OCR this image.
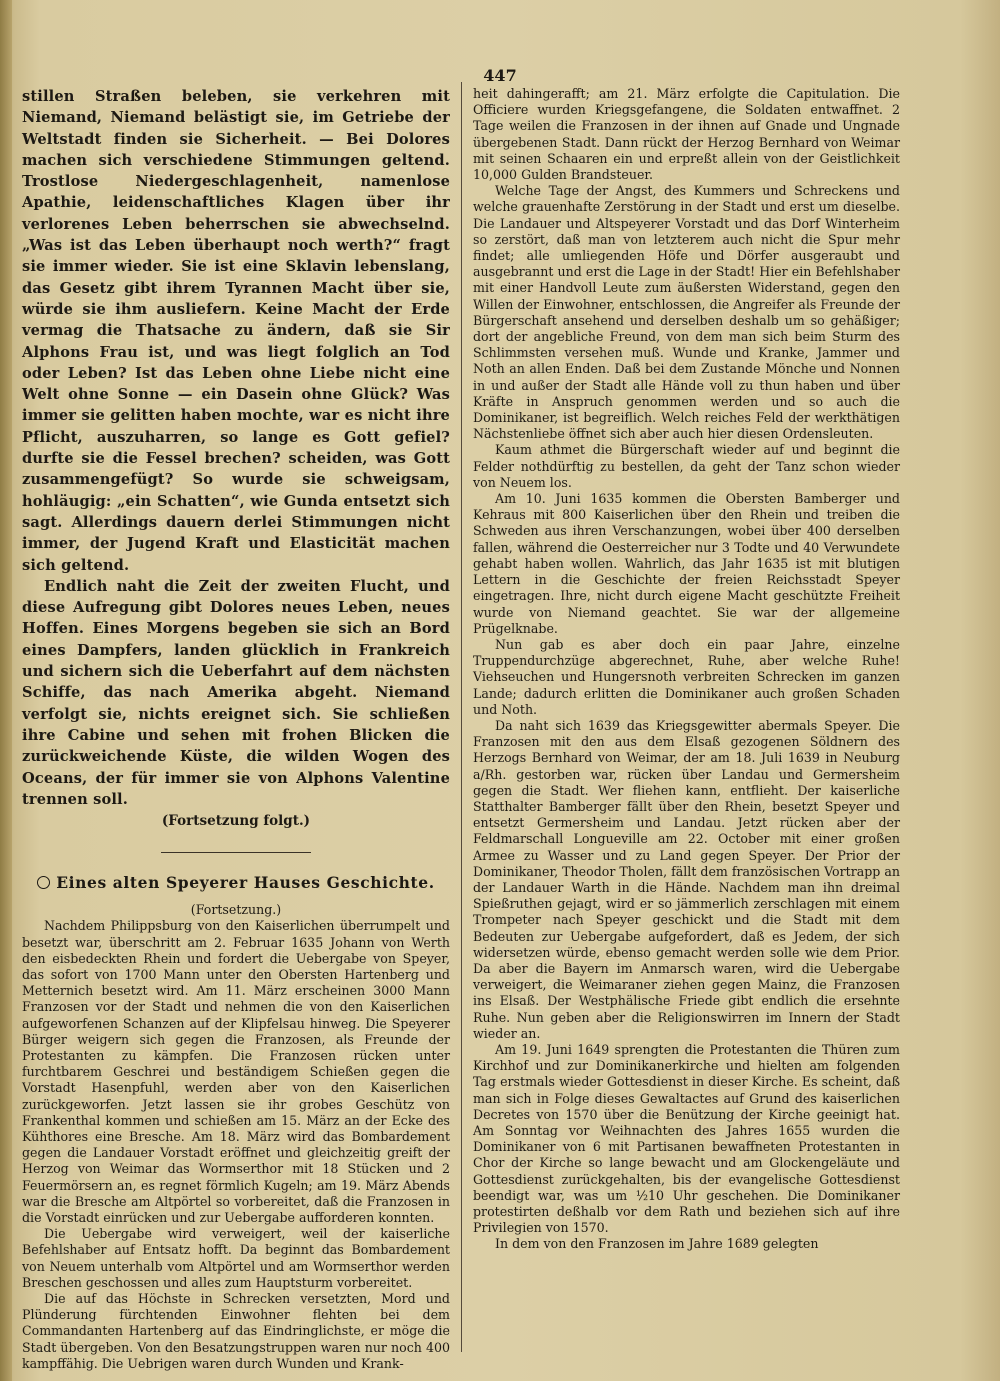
447

stillen Straßen beleben, sie verkehren mit Niemand, Niemand belästigt sie, im Getriebe der Weltstadt finden sie Sicherheit. — Bei Dolores machen sich verschiedene Stimmungen geltend. Trostlose Niedergeschlagenheit, namenlose Apathie, leidenschaftliches Klagen über ihr verlorenes Leben beherrschen sie abwechselnd. „Was ist das Leben überhaupt noch werth?“ fragt sie immer wieder. Sie ist eine Sklavin lebenslang, das Gesetz gibt ihrem Tyrannen Macht über sie, würde sie ihm ausliefern. Keine Macht der Erde vermag die Thatsache zu ändern, daß sie Sir Alphons Frau ist, und was liegt folglich an Tod oder Leben? Ist das Leben ohne Liebe nicht eine Welt ohne Sonne — ein Dasein ohne Glück? Was immer sie gelitten haben mochte, war es nicht ihre Pflicht, auszuharren, so lange es Gott gefiel? durfte sie die Fessel brechen? scheiden, was Gott zusammengefügt? So wurde sie schweigsam, hohläugig: „ein Schatten“, wie Gunda entsetzt sich sagt. Allerdings dauern derlei Stimmungen nicht immer, der Jugend Kraft und Elasticität machen sich geltend.

Endlich naht die Zeit der zweiten Flucht, und diese Aufregung gibt Dolores neues Leben, neues Hoffen. Eines Morgens begeben sie sich an Bord eines Dampfers, landen glücklich in Frankreich und sichern sich die Ueberfahrt auf dem nächsten Schiffe, das nach Amerika abgeht. Niemand verfolgt sie, nichts ereignet sich. Sie schließen ihre Cabine und sehen mit frohen Blicken die zurückweichende Küste, die wilden Wogen des Oceans, der für immer sie von Alphons Valentine trennen soll.

(Fortsetzung folgt.)

Eines alten Speyerer Hauses Geschichte.

(Fortsetzung.)

Nachdem Philippsburg von den Kaiserlichen überrumpelt und besetzt war, überschritt am 2. Februar 1635 Johann von Werth den eisbedeckten Rhein und fordert die Uebergabe von Speyer, das sofort von 1700 Mann unter den Obersten Hartenberg und Metternich besetzt wird. Am 11. März erscheinen 3000 Mann Franzosen vor der Stadt und nehmen die von den Kaiserlichen aufgeworfenen Schanzen auf der Klipfelsau hinweg. Die Speyerer Bürger weigern sich gegen die Franzosen, als Freunde der Protestanten zu kämpfen. Die Franzosen rücken unter furchtbarem Geschrei und beständigem Schießen gegen die Vorstadt Hasenpfuhl, werden aber von den Kaiserlichen zurückgeworfen. Jetzt lassen sie ihr grobes Geschütz von Frankenthal kommen und schießen am 15. März an der Ecke des Kühthores eine Bresche. Am 18. März wird das Bombardement gegen die Landauer Vorstadt eröffnet und gleichzeitig greift der Herzog von Weimar das Wormserthor mit 18 Stücken und 2 Feuermörsern an, es regnet förmlich Kugeln; am 19. März Abends war die Bresche am Altpörtel so vorbereitet, daß die Franzosen in die Vorstadt einrücken und zur Uebergabe aufforderen konnten.

Die Uebergabe wird verweigert, weil der kaiserliche Befehlshaber auf Entsatz hofft. Da beginnt das Bombardement von Neuem unterhalb vom Altpörtel und am Wormserthor werden Breschen geschossen und alles zum Hauptsturm vorbereitet.

Die auf das Höchste in Schrecken versetzten, Mord und Plünderung fürchtenden Einwohner flehten bei dem Commandanten Hartenberg auf das Eindringlichste, er möge die Stadt übergeben. Von den Besatzungstruppen waren nur noch 400 kampffähig. Die Uebrigen waren durch Wunden und Krank-

heit dahingerafft; am 21. März erfolgte die Capitulation. Die Officiere wurden Kriegsgefangene, die Soldaten entwaffnet. 2 Tage weilen die Franzosen in der ihnen auf Gnade und Ungnade übergebenen Stadt. Dann rückt der Herzog Bernhard von Weimar mit seinen Schaaren ein und erpreßt allein von der Geistlichkeit 10,000 Gulden Brandsteuer.

Welche Tage der Angst, des Kummers und Schreckens und welche grauenhafte Zerstörung in der Stadt und erst um dieselbe. Die Landauer und Altspeyerer Vorstadt und das Dorf Winterheim so zerstört, daß man von letzterem auch nicht die Spur mehr findet; alle umliegenden Höfe und Dörfer ausgeraubt und ausgebrannt und erst die Lage in der Stadt! Hier ein Befehlshaber mit einer Handvoll Leute zum äußersten Widerstand, gegen den Willen der Einwohner, entschlossen, die Angreifer als Freunde der Bürgerschaft ansehend und derselben deshalb um so gehäßiger; dort der angebliche Freund, von dem man sich beim Sturm des Schlimmsten versehen muß. Wunde und Kranke, Jammer und Noth an allen Enden. Daß bei dem Zustande Mönche und Nonnen in und außer der Stadt alle Hände voll zu thun haben und über Kräfte in Anspruch genommen werden und so auch die Dominikaner, ist begreiflich. Welch reiches Feld der werkthätigen Nächstenliebe öffnet sich aber auch hier diesen Ordensleuten.

Kaum athmet die Bürgerschaft wieder auf und beginnt die Felder nothdürftig zu bestellen, da geht der Tanz schon wieder von Neuem los.

Am 10. Juni 1635 kommen die Obersten Bamberger und Kehraus mit 800 Kaiserlichen über den Rhein und treiben die Schweden aus ihren Verschanzungen, wobei über 400 derselben fallen, während die Oesterreicher nur 3 Todte und 40 Verwundete gehabt haben wollen. Wahrlich, das Jahr 1635 ist mit blutigen Lettern in die Geschichte der freien Reichsstadt Speyer eingetragen. Ihre, nicht durch eigene Macht geschützte Freiheit wurde von Niemand geachtet. Sie war der allgemeine Prügelknabe.

Nun gab es aber doch ein paar Jahre, einzelne Truppendurchzüge abgerechnet, Ruhe, aber welche Ruhe! Viehseuchen und Hungersnoth verbreiten Schrecken im ganzen Lande; dadurch erlitten die Dominikaner auch großen Schaden und Noth.

Da naht sich 1639 das Kriegsgewitter abermals Speyer. Die Franzosen mit den aus dem Elsaß gezogenen Söldnern des Herzogs Bernhard von Weimar, der am 18. Juli 1639 in Neuburg a/Rh. gestorben war, rücken über Landau und Germersheim gegen die Stadt. Wer fliehen kann, entflieht. Der kaiserliche Statthalter Bamberger fällt über den Rhein, besetzt Speyer und entsetzt Germersheim und Landau. Jetzt rücken aber der Feldmarschall Longueville am 22. October mit einer großen Armee zu Wasser und zu Land gegen Speyer. Der Prior der Dominikaner, Theodor Tholen, fällt dem französischen Vortrapp an der Landauer Warth in die Hände. Nachdem man ihn dreimal Spießruthen gejagt, wird er so jämmerlich zerschlagen mit einem Trompeter nach Speyer geschickt und die Stadt mit dem Bedeuten zur Uebergabe aufgefordert, daß es Jedem, der sich widersetzen würde, ebenso gemacht werden solle wie dem Prior. Da aber die Bayern im Anmarsch waren, wird die Uebergabe verweigert, die Weimaraner ziehen gegen Mainz, die Franzosen ins Elsaß. Der Westphälische Friede gibt endlich die ersehnte Ruhe. Nun geben aber die Religionswirren im Innern der Stadt wieder an.

Am 19. Juni 1649 sprengten die Protestanten die Thüren zum Kirchhof und zur Dominikanerkirche und hielten am folgenden Tag erstmals wieder Gottesdienst in dieser Kirche. Es scheint, daß man sich in Folge dieses Gewaltactes auf Grund des kaiserlichen Decretes von 1570 über die Benützung der Kirche geeinigt hat. Am Sonntag vor Weihnachten des Jahres 1655 wurden die Dominikaner von 6 mit Partisanen bewaffneten Protestanten in Chor der Kirche so lange bewacht und am Glockengeläute und Gottesdienst zurückgehalten, bis der evangelische Gottesdienst beendigt war, was um ½10 Uhr geschehen. Die Dominikaner protestirten deßhalb vor dem Rath und beziehen sich auf ihre Privilegien von 1570.

In dem von den Franzosen im Jahre 1689 gelegten
